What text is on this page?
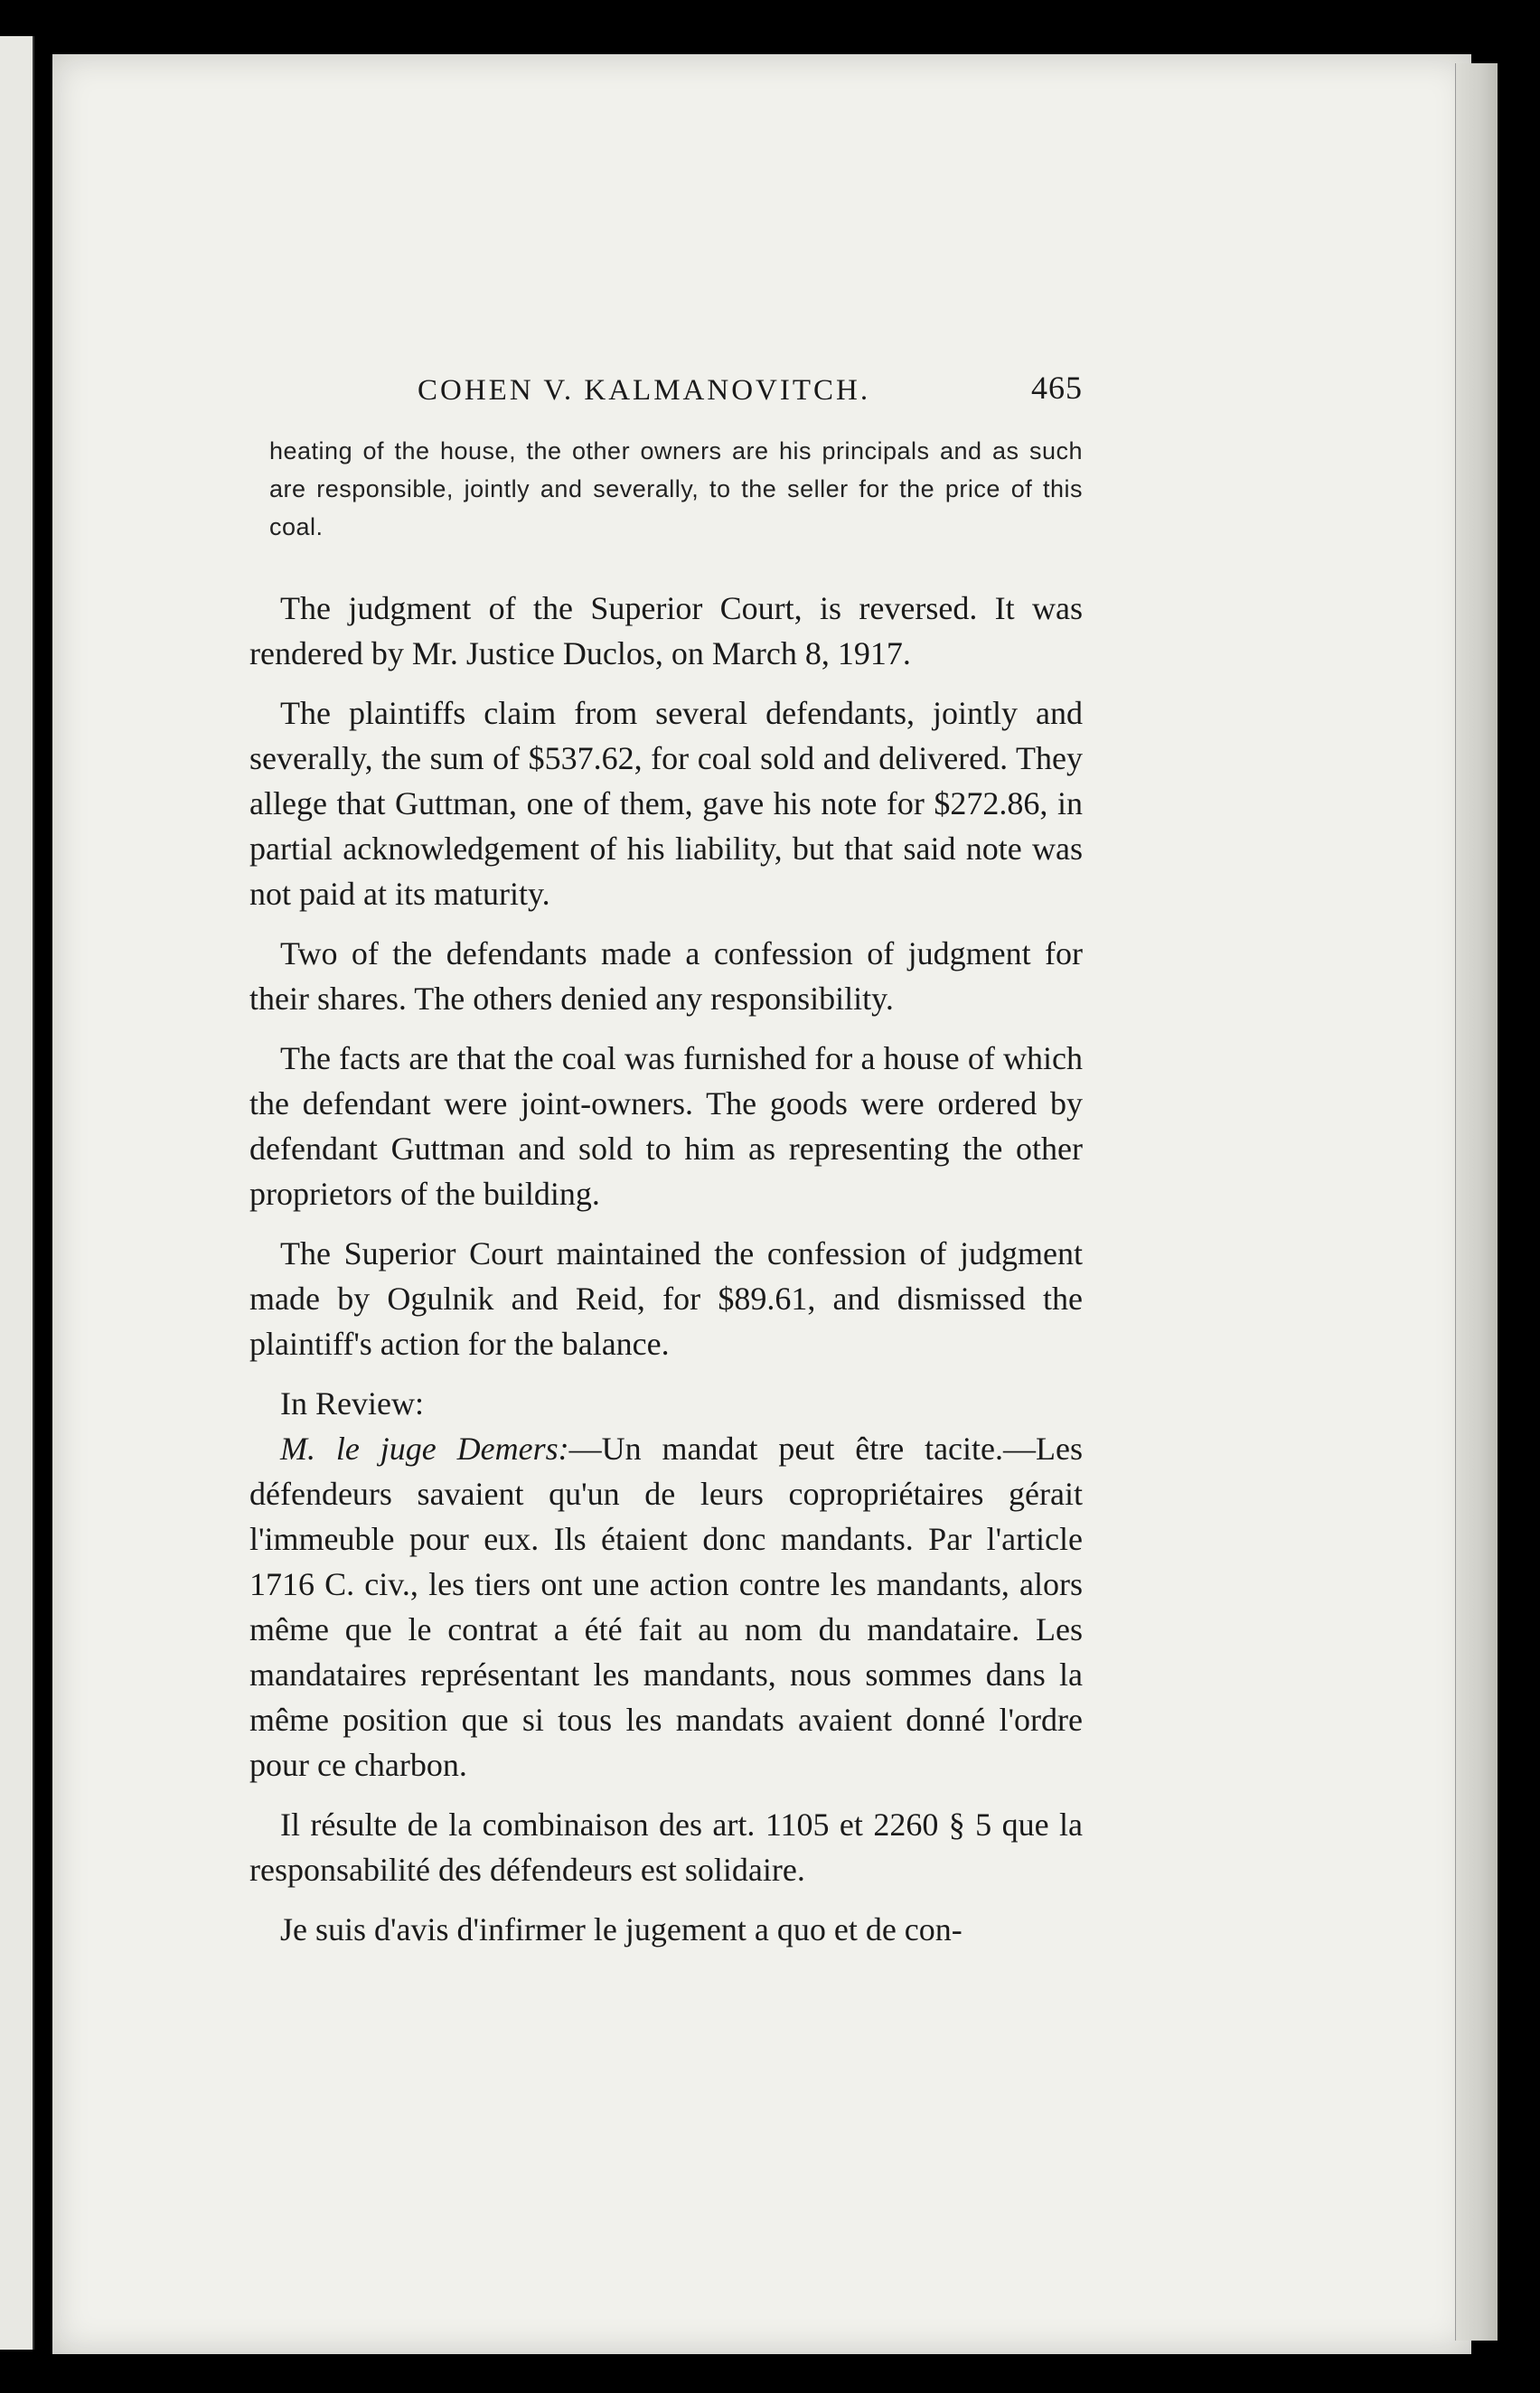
COHEN V. KALMANOVITCH.	465

heating of the house, the other owners are his principals and as such are responsible, jointly and severally, to the seller for the price of this coal.

The judgment of the Superior Court, is reversed. It was rendered by Mr. Justice Duclos, on March 8, 1917.

The plaintiffs claim from several defendants, jointly and severally, the sum of $537.62, for coal sold and delivered. They allege that Guttman, one of them, gave his note for $272.86, in partial acknowledgement of his liability, but that said note was not paid at its maturity.

Two of the defendants made a confession of judgment for their shares. The others denied any responsibility.

The facts are that the coal was furnished for a house of which the defendant were joint-owners. The goods were ordered by defendant Guttman and sold to him as representing the other proprietors of the building.

The Superior Court maintained the confession of judgment made by Ogulnik and Reid, for $89.61, and dismissed the plaintiff's action for the balance.

In Review:

M. le juge Demers:—Un mandat peut être tacite.—Les défendeurs savaient qu'un de leurs copropriétaires gérait l'immeuble pour eux. Ils étaient donc mandants. Par l'article 1716 C. civ., les tiers ont une action contre les mandants, alors même que le contrat a été fait au nom du mandataire. Les mandataires représentant les mandants, nous sommes dans la même position que si tous les mandats avaient donné l'ordre pour ce charbon.

Il résulte de la combinaison des art. 1105 et 2260 § 5 que la responsabilité des défendeurs est solidaire.

Je suis d'avis d'infirmer le jugement a quo et de con-
